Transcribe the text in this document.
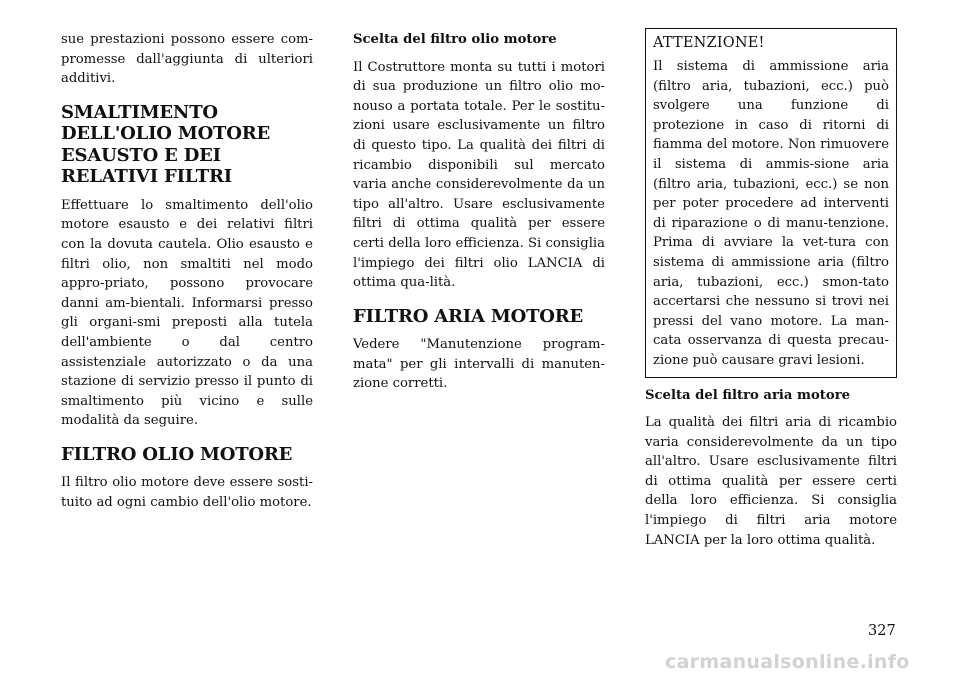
sue prestazioni possono essere com-promesse dall'aggiunta di ulteriori additivi.

SMALTIMENTO DELL'OLIO MOTORE ESAUSTO E DEI RELATIVI FILTRI

Effettuare lo smaltimento dell'olio motore esausto e dei relativi filtri con la dovuta cautela. Olio esausto e filtri olio, non smaltiti nel modo appro-priato, possono provocare danni am-bientali. Informarsi presso gli organi-smi preposti alla tutela dell'ambiente o dal centro assistenziale autorizzato o da una stazione di servizio presso il punto di smaltimento più vicino e sulle modalità da seguire.

FILTRO OLIO MOTORE

Il filtro olio motore deve essere sosti-tuito ad ogni cambio dell'olio motore.

Scelta del filtro olio motore

Il Costruttore monta su tutti i motori di sua produzione un filtro olio mo-nouso a portata totale. Per le sostitu-zioni usare esclusivamente un filtro di questo tipo. La qualità dei filtri di ricambio disponibili sul mercato varia anche considerevolmente da un tipo all'altro. Usare esclusivamente filtri di ottima qualità per essere certi della loro efficienza. Si consiglia l'impiego dei filtri olio LANCIA di ottima qua-lità.

FILTRO ARIA MOTORE

Vedere "Manutenzione program-mata" per gli intervalli di manuten-zione corretti.

ATTENZIONE!

Il sistema di ammissione aria (filtro aria, tubazioni, ecc.) può svolgere una funzione di protezione in caso di ritorni di fiamma del motore. Non rimuovere il sistema di ammis-sione aria (filtro aria, tubazioni, ecc.) se non per poter procedere ad interventi di riparazione o di manu-tenzione. Prima di avviare la vet-tura con sistema di ammissione aria (filtro aria, tubazioni, ecc.) smon-tato accertarsi che nessuno si trovi nei pressi del vano motore. La man-cata osservanza di questa precau-zione può causare gravi lesioni.

Scelta del filtro aria motore

La qualità dei filtri aria di ricambio varia considerevolmente da un tipo all'altro. Usare esclusivamente filtri di ottima qualità per essere certi della loro efficienza. Si consiglia l'impiego di filtri aria motore LANCIA per la loro ottima qualità.

327
carmanualsonline.info
